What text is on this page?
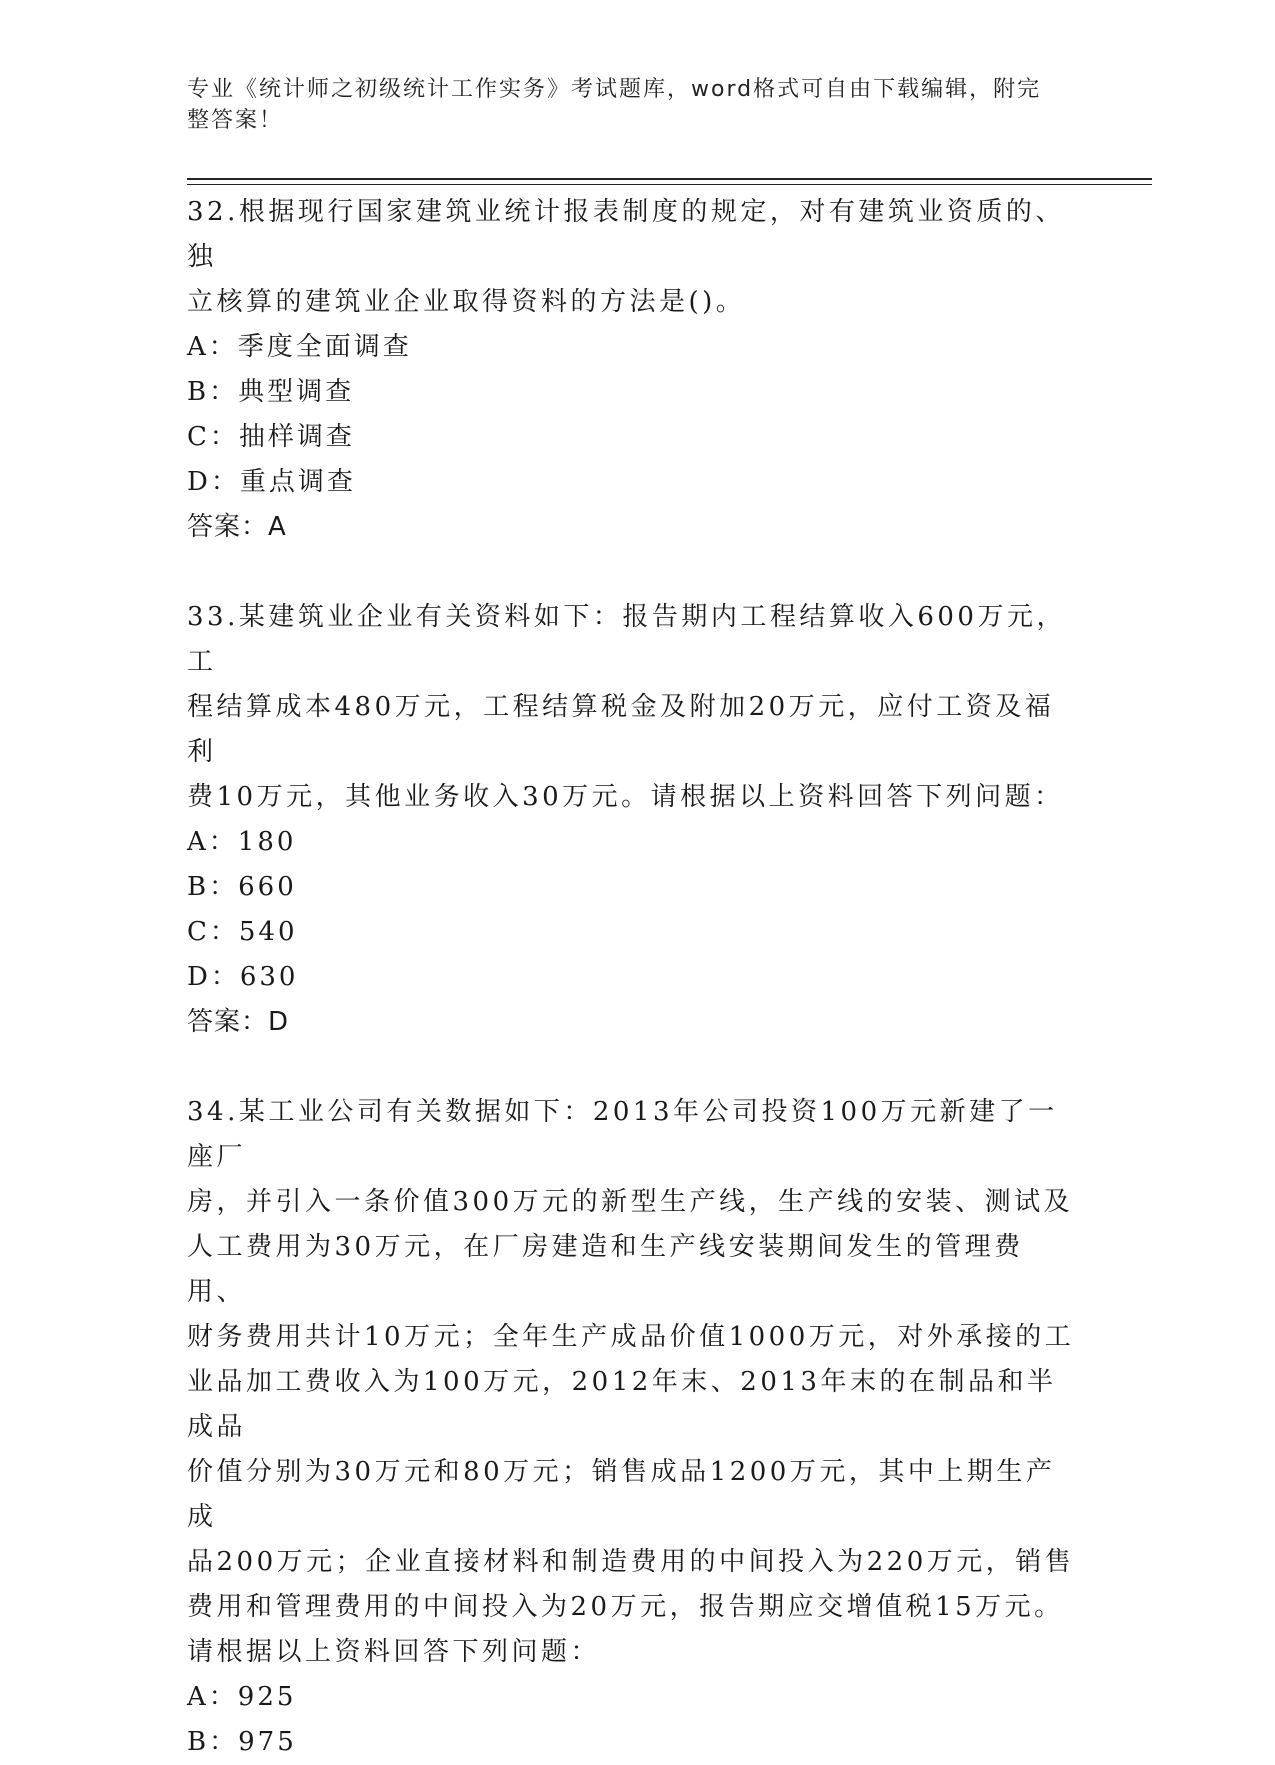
专业《统计师之初级统计工作实务》考试题库，word格式可自由下载编辑，附完
整答案！

32.根据现行国家建筑业统计报表制度的规定，对有建筑业资质的、独

立核算的建筑业企业取得资料的方法是()。

A：季度全面调查

B：典型调查

C：抽样调查

D：重点调查

答案：A

33.某建筑业企业有关资料如下：报告期内工程结算收入600万元，工

程结算成本480万元，工程结算税金及附加20万元，应付工资及福利

费10万元，其他业务收入30万元。请根据以上资料回答下列问题：

A：180

B：660

C：540

D：630

答案：D

34.某工业公司有关数据如下：2013年公司投资100万元新建了一座厂

房，并引入一条价值300万元的新型生产线，生产线的安装、测试及

人工费用为30万元，在厂房建造和生产线安装期间发生的管理费用、

财务费用共计10万元；全年生产成品价值1000万元，对外承接的工

业品加工费收入为100万元，2012年末、2013年末的在制品和半成品

价值分别为30万元和80万元；销售成品1200万元，其中上期生产成

品200万元；企业直接材料和制造费用的中间投入为220万元，销售

费用和管理费用的中间投入为20万元，报告期应交增值税15万元。

请根据以上资料回答下列问题：

A：925

B：975
